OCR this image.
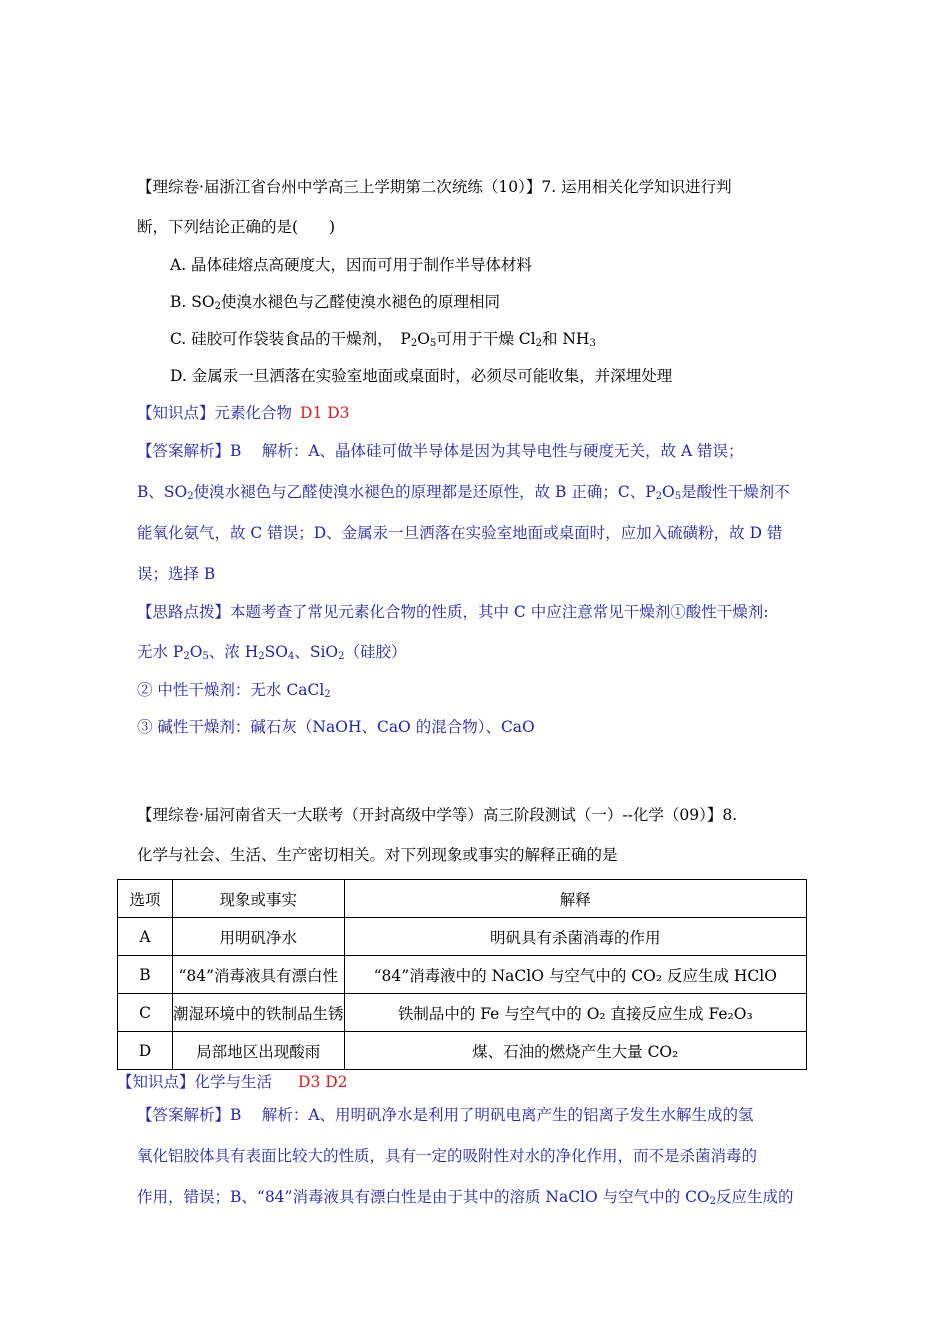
【理综卷·届浙江省台州中学高三上学期第二次统练（10）】7. 运用相关化学知识进行判
断，下列结论正确的是(　　)
A. 晶体硅熔点高硬度大，因而可用于制作半导体材料
B. $SO_2$使溴水褪色与乙醛使溴水褪色的原理相同
C. 硅胶可作袋装食品的干燥剂，　$P_2O_5$可用于干燥 $Cl_2$和 $NH_3$
D. 金属汞一旦洒落在实验室地面或桌面时，必须尽可能收集，并深埋处理
【知识点】元素化合物 D1 D3
【答案解析】B　 解析：A、晶体硅可做半导体是因为其导电性与硬度无关，故 A 错误；
B、$SO_2$使溴水褪色与乙醛使溴水褪色的原理都是还原性，故 B 正确；C、$P_2O_5$是酸性干燥剂不
能氧化氨气，故 C 错误；D、金属汞一旦洒落在实验室地面或桌面时，应加入硫磺粉，故 D 错
误；选择 B
【思路点拨】本题考查了常见元素化合物的性质，其中 C 中应注意常见干燥剂①酸性干燥剂:
无水 $P_2O_5$、浓 $H_2SO_4$、SiO$_2$（硅胶）
② 中性干燥剂：无水 CaCl$_2$
③ 碱性干燥剂：碱石灰（NaOH、CaO 的混合物）、CaO
【理综卷·届河南省天一大联考（开封高级中学等）高三阶段测试（一）--化学（09）】8.
化学与社会、生活、生产密切相关。对下列现象或事实的解释正确的是
选项	现象或事实	解释
A	用明矾净水	明矾具有杀菌消毒的作用
B	“84”消毒液具有漂白性	“84”消毒液中的 NaClO 与空气中的 CO₂ 反应生成 HClO
C	潮湿环境中的铁制品生锈	铁制品中的 Fe 与空气中的 O₂ 直接反应生成 Fe₂O₃
D	局部地区出现酸雨	煤、石油的燃烧产生大量 CO₂
【知识点】化学与生活 D3 D2
【答案解析】B　 解析：A、用明矾净水是利用了明矾电离产生的铝离子发生水解生成的氢
氧化铝胶体具有表面比较大的性质，具有一定的吸附性对水的净化作用，而不是杀菌消毒的
作用，错误；B、“84”消毒液具有漂白性是由于其中的溶质 NaClO 与空气中的 $CO_2$反应生成的
